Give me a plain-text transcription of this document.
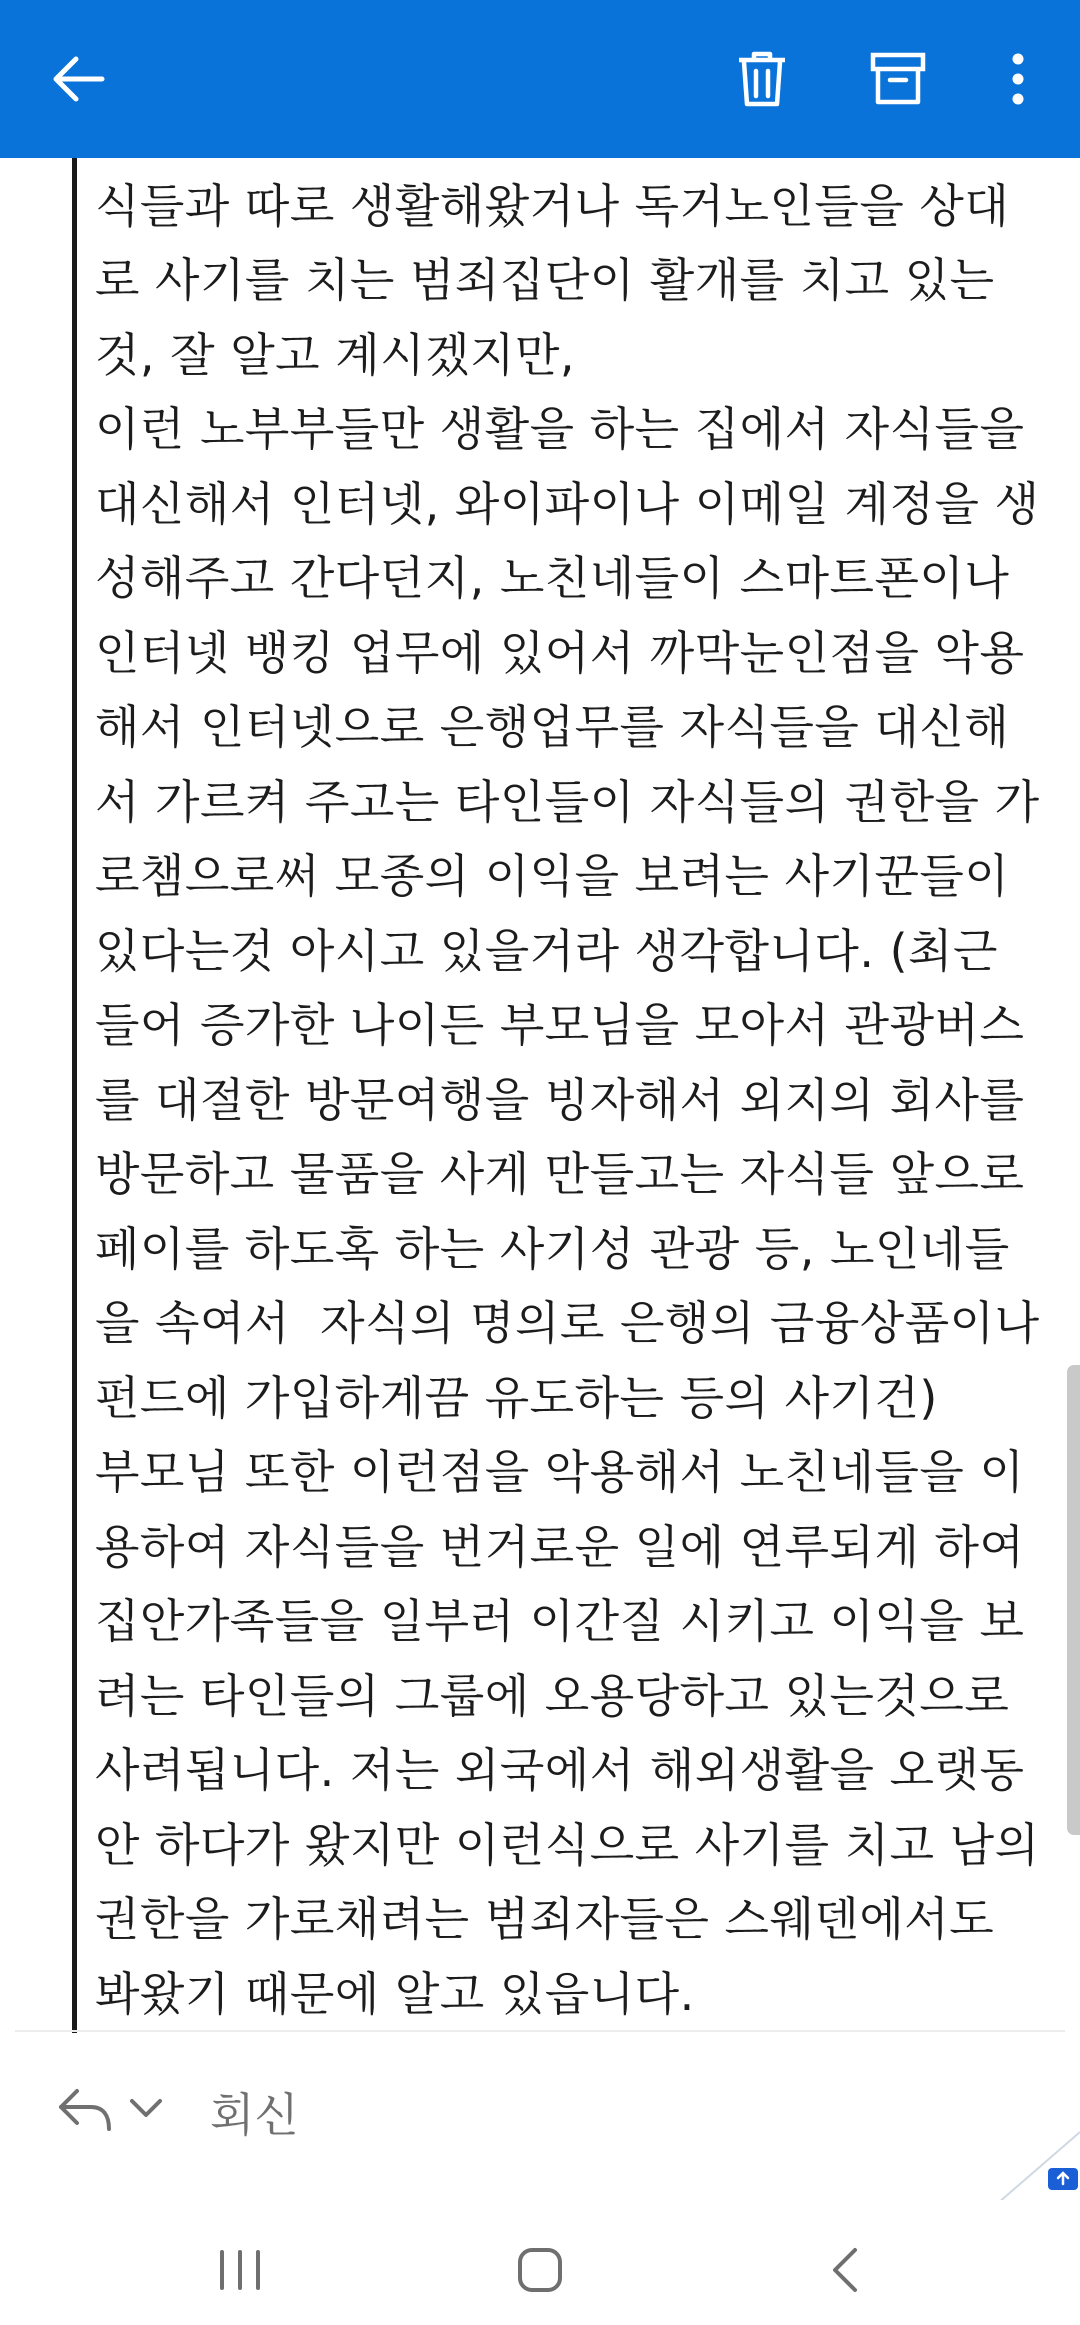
식들과 따로 생활해왔거나 독거노인들을 상대
로 사기를 치는 범죄집단이 활개를 치고 있는
것, 잘 알고 계시겠지만,
이런 노부부들만 생활을 하는 집에서 자식들을
대신해서 인터넷, 와이파이나 이메일 계정을 생
성해주고 간다던지, 노친네들이 스마트폰이나
인터넷 뱅킹 업무에 있어서 까막눈인점을 악용
해서 인터넷으로 은행업무를 자식들을 대신해
서 가르켜 주고는 타인들이 자식들의 권한을 가
로챔으로써 모종의 이익을 보려는 사기꾼들이
있다는것 아시고 있을거라 생각합니다. (최근
들어 증가한 나이든 부모님을 모아서 관광버스
를 대절한 방문여행을 빙자해서 외지의 회사를
방문하고 물품을 사게 만들고는 자식들 앞으로
페이를 하도혹 하는 사기성 관광 등, 노인네들
을 속여서  자식의 명의로 은행의 금융상품이나
펀드에 가입하게끔 유도하는 등의 사기건)
부모님 또한 이런점을 악용해서 노친네들을 이
용하여 자식들을 번거로운 일에 연루되게 하여
집안가족들을 일부러 이간질 시키고 이익을 보
려는 타인들의 그룹에 오용당하고 있는것으로
사려됩니다. 저는 외국에서 해외생활을 오랫동
안 하다가 왔지만 이런식으로 사기를 치고 남의
권한을 가로채려는 범죄자들은 스웨덴에서도
봐왔기 때문에 알고 있읍니다.
회신
